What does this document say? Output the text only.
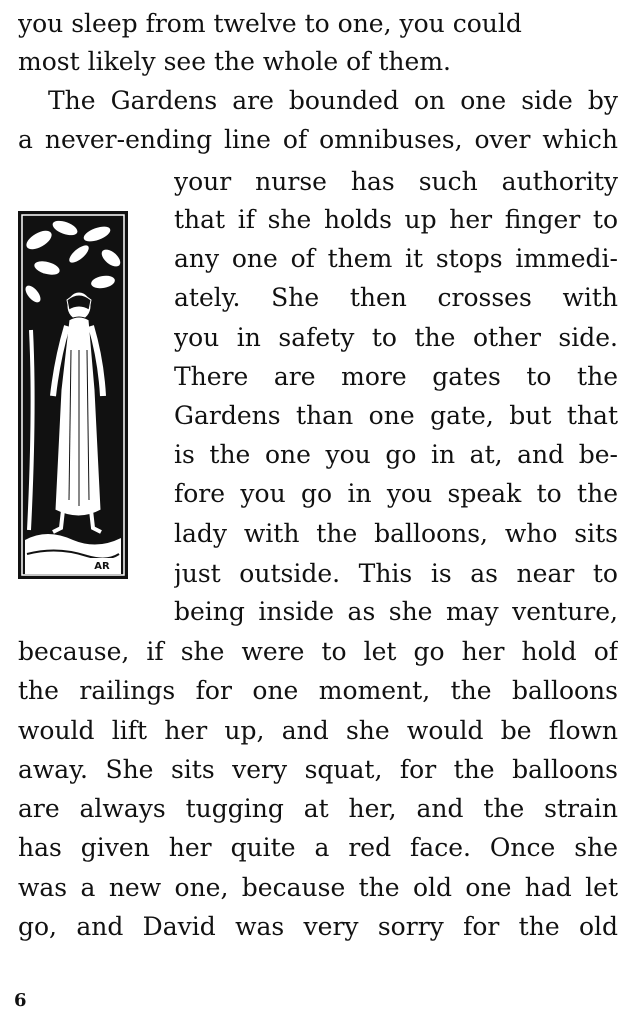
you sleep from twelve to one, you could
most likely see the whole of them.
The Gardens are bounded on one side by
a never-ending line of omnibuses, over which
your nurse has such authority
that if she holds up her finger to
any one of them it stops immedi-
ately. She then crosses with
you in safety to the other side.
There are more gates to the
Gardens than one gate, but that
is the one you go in at, and be-
fore you go in you speak to the
lady with the balloons, who sits
just outside. This is as near to
being inside as she may venture,
because, if she were to let go her hold of
the railings for one moment, the balloons
would lift her up, and she would be flown
away. She sits very squat, for the balloons
are always tugging at her, and the strain
has given her quite a red face. Once she
was a new one, because the old one had let
go, and David was very sorry for the old
AR
6
